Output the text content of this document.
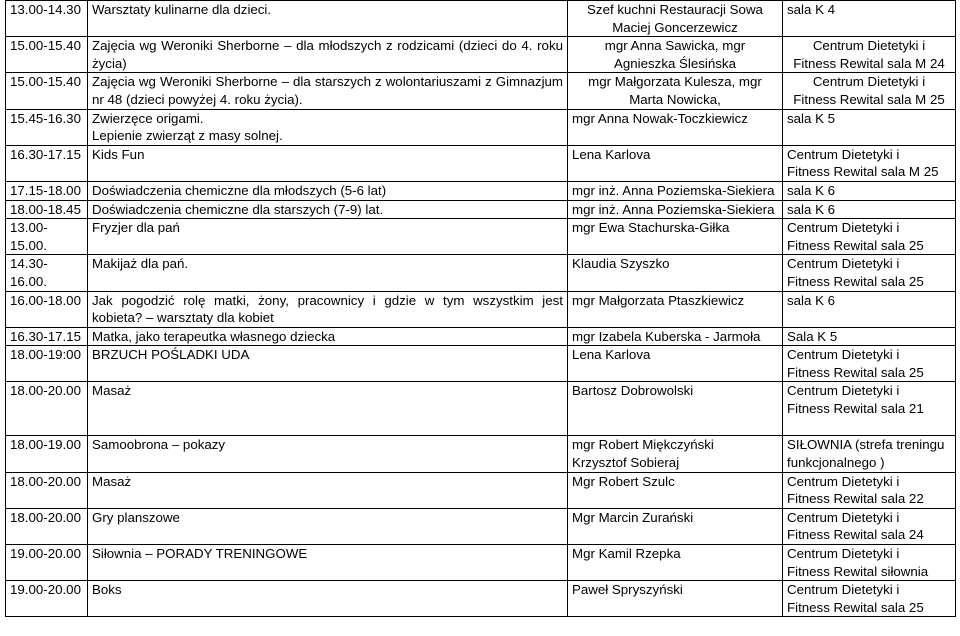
13.00-14.30	Warsztaty kulinarne dla dzieci.	Szef kuchni Restauracji Sowa
Maciej Goncerzewicz	sala K 4

15.00-15.40	Zajęcia wg Weroniki Sherborne – dla młodszych z rodzicami (dzieci do 4. roku
życia)	mgr Anna Sawicka, mgr
Agnieszka Ślesińska	Centrum Dietetyki i
Fitness Rewital sala M 24

15.00-15.40	Zajęcia wg Weroniki Sherborne – dla starszych z wolontariuszami z Gimnazjum
nr 48 (dzieci powyżej 4. roku życia).	mgr Małgorzata Kulesza, mgr
Marta Nowicka,	Centrum Dietetyki i
Fitness Rewital sala M 25

15.45-16.30	Zwierzęce origami.
Lepienie zwierząt z masy solnej.	mgr Anna Nowak-Toczkiewicz	sala K 5

16.30-17.15	Kids Fun	Lena Karlova	Centrum Dietetyki i
Fitness Rewital sala M 25

17.15-18.00	Doświadczenia chemiczne dla młodszych (5-6 lat)	mgr inż. Anna Poziemska-Siekiera	sala K 6

18.00-18.45	Doświadczenia chemiczne dla starszych (7-9) lat.	mgr inż. Anna Poziemska-Siekiera	sala K 6

13.00-15.00.	Fryzjer dla pań	mgr Ewa Stachurska-Giłka	Centrum Dietetyki i
Fitness Rewital sala 25

14.30-16.00.	Makijaż dla pań.	Klaudia Szyszko	Centrum Dietetyki i
Fitness Rewital sala 25

16.00-18.00	Jak pogodzić rolę matki, żony, pracownicy i gdzie w tym wszystkim jest
kobieta? – warsztaty dla kobiet	mgr Małgorzata Ptaszkiewicz	sala K 6

16.30-17.15	Matka, jako terapeutka własnego dziecka	mgr Izabela Kuberska - Jarmoła	Sala K 5

18.00-19:00	BRZUCH POŚLADKI UDA	Lena Karlova	Centrum Dietetyki i
Fitness Rewital sala 25

18.00-20.00	Masaż	Bartosz Dobrowolski	Centrum Dietetyki i
Fitness Rewital sala 21

18.00-19.00	Samoobrona – pokazy	mgr Robert Miękczyński
Krzysztof Sobieraj	SIŁOWNIA (strefa treningu
funkcjonalnego )

18.00-20.00	Masaż	Mgr Robert Szulc	Centrum Dietetyki i
Fitness Rewital sala 22

18.00-20.00	Gry planszowe	Mgr Marcin Zurański	Centrum Dietetyki i
Fitness Rewital sala 24

19.00-20.00	Siłownia – PORADY TRENINGOWE	Mgr Kamil Rzepka	Centrum Dietetyki i
Fitness Rewital siłownia

19.00-20.00	Boks	Paweł Spryszyński	Centrum Dietetyki i
Fitness Rewital sala 25
